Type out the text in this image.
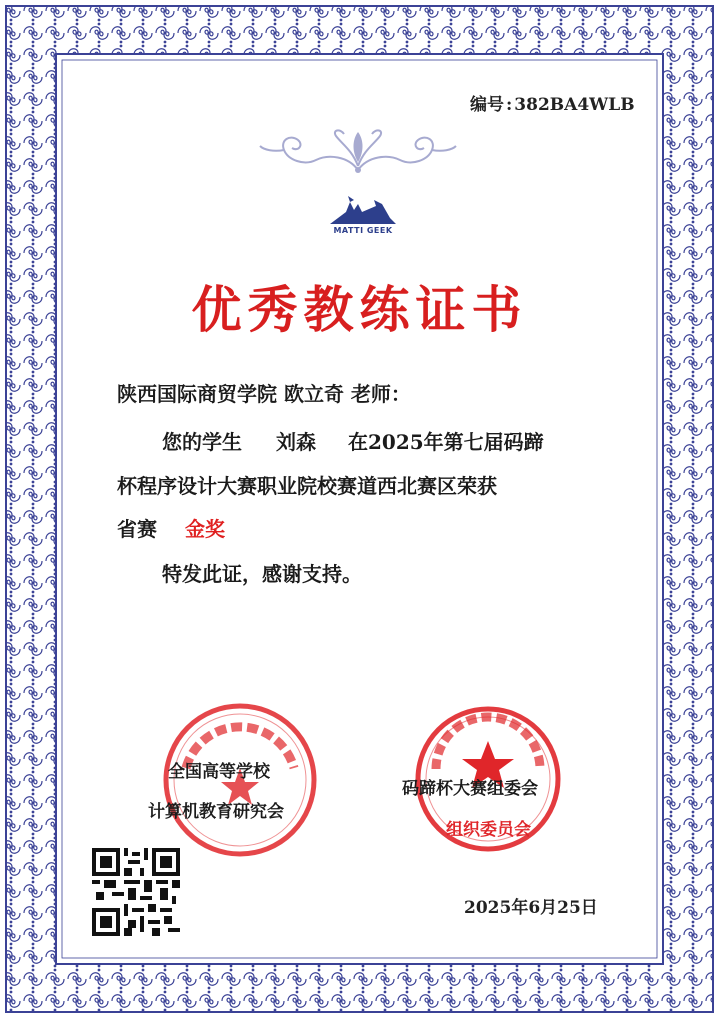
编号 : 382BA4WLB
MATTI GEEK
优秀教练证书
陕西国际商贸学院 欧立奇 老师：
您的学生 刘森 在2025年第七届码蹄
杯程序设计大赛职业院校赛道西北赛区荣获
省赛 金奖
特发此证，感谢支持。
全国高等学校
计算机教育研究会
码蹄杯大赛组委会
组织委员会
2025年6月25日
